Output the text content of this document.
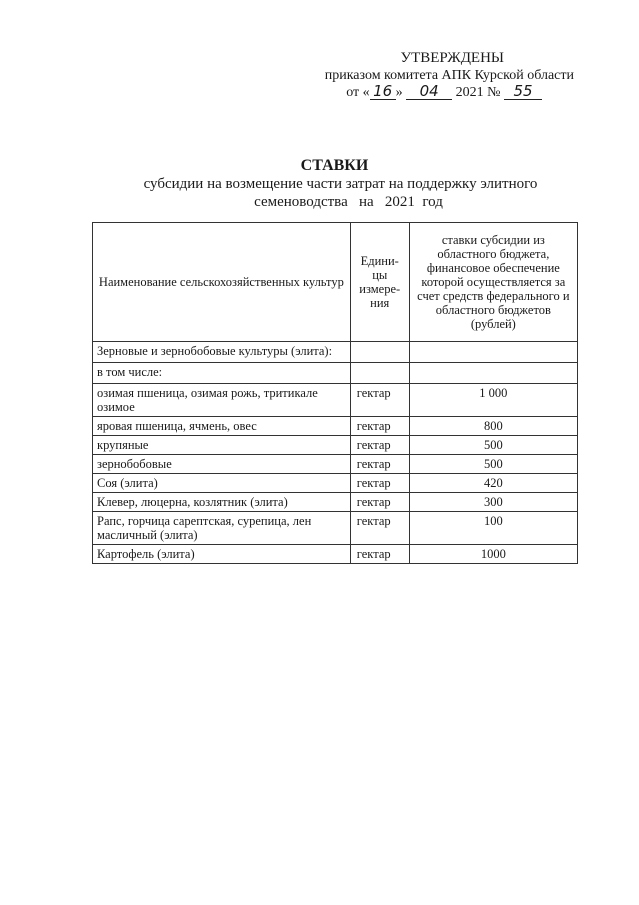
УТВЕРЖДЕНЫ
приказом комитета АПК Курской области
от « 16 » 04 2021 № 55
СТАВКИ
субсидии на возмещение части затрат на поддержку элитного
семеноводства   на   2021  год
Наименование сельскохозяйственных культур	Едини-цы измере-ния	ставки субсидии из областного бюджета, финансовое обеспечение которой осуществляется за счет средств федерального и областного бюджетов (рублей)
Зерновые и зернобобовые культуры (элита):		
в том числе:		
озимая пшеница, озимая рожь, тритикале озимое	гектар	1 000
яровая пшеница, ячмень, овес	гектар	800
крупяные	гектар	500
зернобобовые	гектар	500
Соя (элита)	гектар	420
Клевер, люцерна, козлятник (элита)	гектар	300
Рапс, горчица сарептская, сурепица, лен масличный (элита)	гектар	100
Картофель (элита)	гектар	1000
